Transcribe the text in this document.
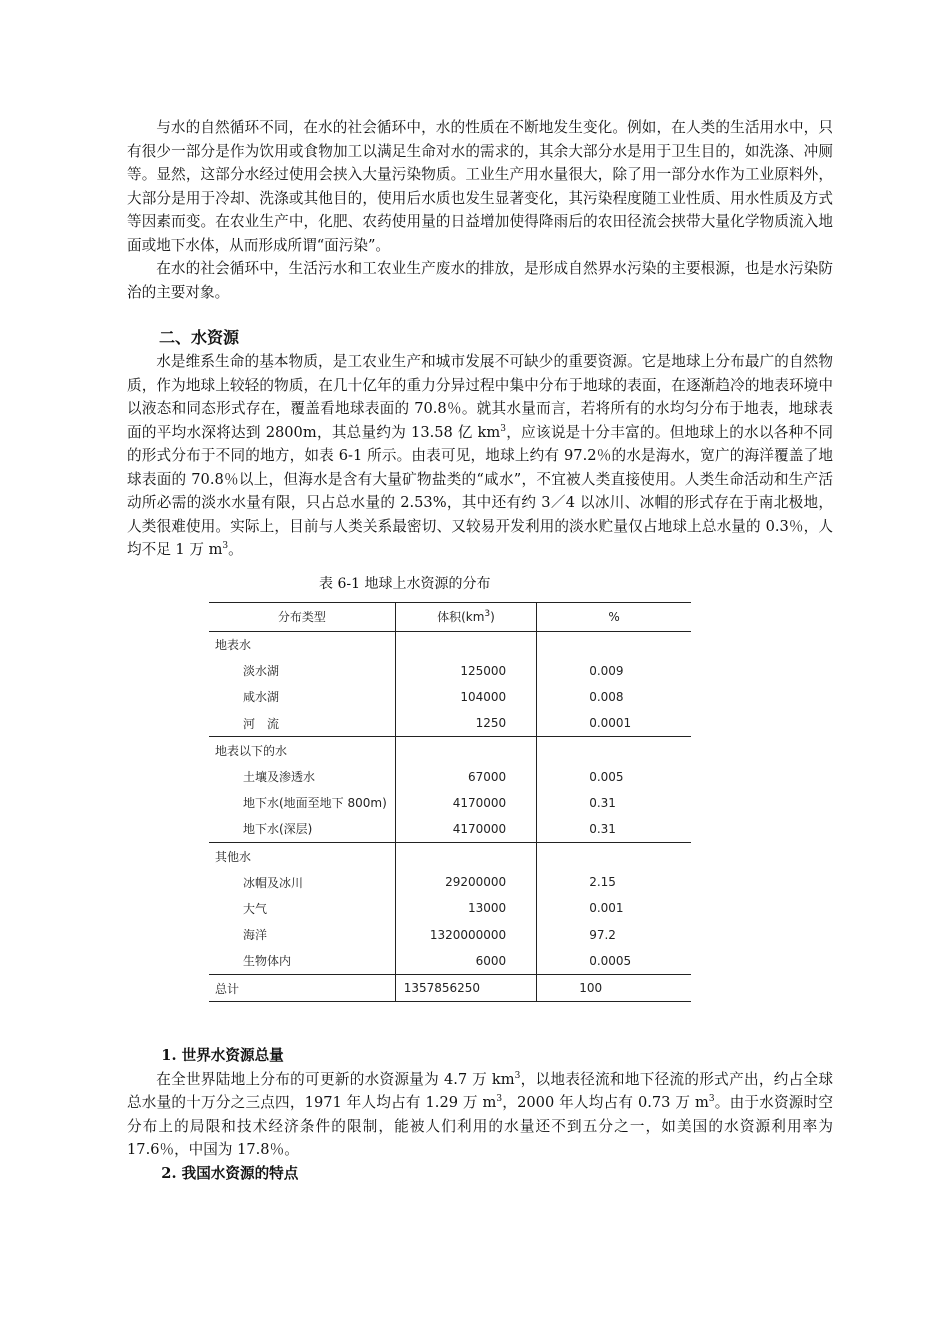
与水的自然循环不同，在水的社会循环中，水的性质在不断地发生变化。例如，在人类的生活用水中，只有很少一部分是作为饮用或食物加工以满足生命对水的需求的，其余大部分水是用于卫生目的，如洗涤、冲厕等。显然，这部分水经过使用会挟入大量污染物质。工业生产用水量很大，除了用一部分水作为工业原料外，大部分是用于冷却、洗涤或其他目的，使用后水质也发生显著变化，其污染程度随工业性质、用水性质及方式等因素而变。在农业生产中，化肥、农药使用量的日益增加使得降雨后的农田径流会挟带大量化学物质流入地面或地下水体，从而形成所谓“面污染”。

在水的社会循环中，生活污水和工农业生产废水的排放，是形成自然界水污染的主要根源，也是水污染防治的主要对象。

二、水资源

水是维系生命的基本物质，是工农业生产和城市发展不可缺少的重要资源。它是地球上分布最广的自然物质，作为地球上较轻的物质，在几十亿年的重力分异过程中集中分布于地球的表面，在逐渐趋冷的地表环境中以液态和同态形式存在，覆盖看地球表面的 70.8％。就其水量而言，若将所有的水均匀分布于地表，地球表面的平均水深将达到 2800m，其总量约为 13.58 亿 $km^3$，应该说是十分丰富的。但地球上的水以各种不同的形式分布于不同的地方，如表 6-1 所示。由表可见，地球上约有 97.2％的水是海水，宽广的海洋覆盖了地球表面的 70.8％以上，但海水是含有大量矿物盐类的“咸水”，不宜被人类直接使用。人类生命活动和生产活动所必需的淡水水量有限，只占总水量的 2.53%，其中还有约 3／4 以冰川、冰帽的形式存在于南北极地，人类很难使用。实际上，目前与人类关系最密切、又较易开发利用的淡水贮量仅占地球上总水量的 0.3％，人均不足 1 万 $m^3$。

表 6-1 地球上水资源的分布
分布类型	体积$(km^3)$	%
地表水		
淡水湖	125000	0.009
咸水湖	104000	0.008
河　流	1250	0.0001
地表以下的水		
土壤及渗透水	67000	0.005
地下水(地面至地下 800m)	4170000	0.31
地下水(深层)	4170000	0.31
其他水		
冰帽及冰川	29200000	2.15
大气	13000	0.001
海洋	1320000000	97.2
生物体内	6000	0.0005
总计	1357856250	100
1. 世界水资源总量

在全世界陆地上分布的可更新的水资源量为 4.7 万 $km^3$，以地表径流和地下径流的形式产出，约占全球总水量的十万分之三点四，1971 年人均占有 1.29 万 $m^3$，2000 年人均占有 0.73 万 $m^3$。由于水资源时空分布上的局限和技术经济条件的限制，能被人们利用的水量还不到五分之一，如美国的水资源利用率为 17.6％，中国为 17.8％。

2. 我国水资源的特点
